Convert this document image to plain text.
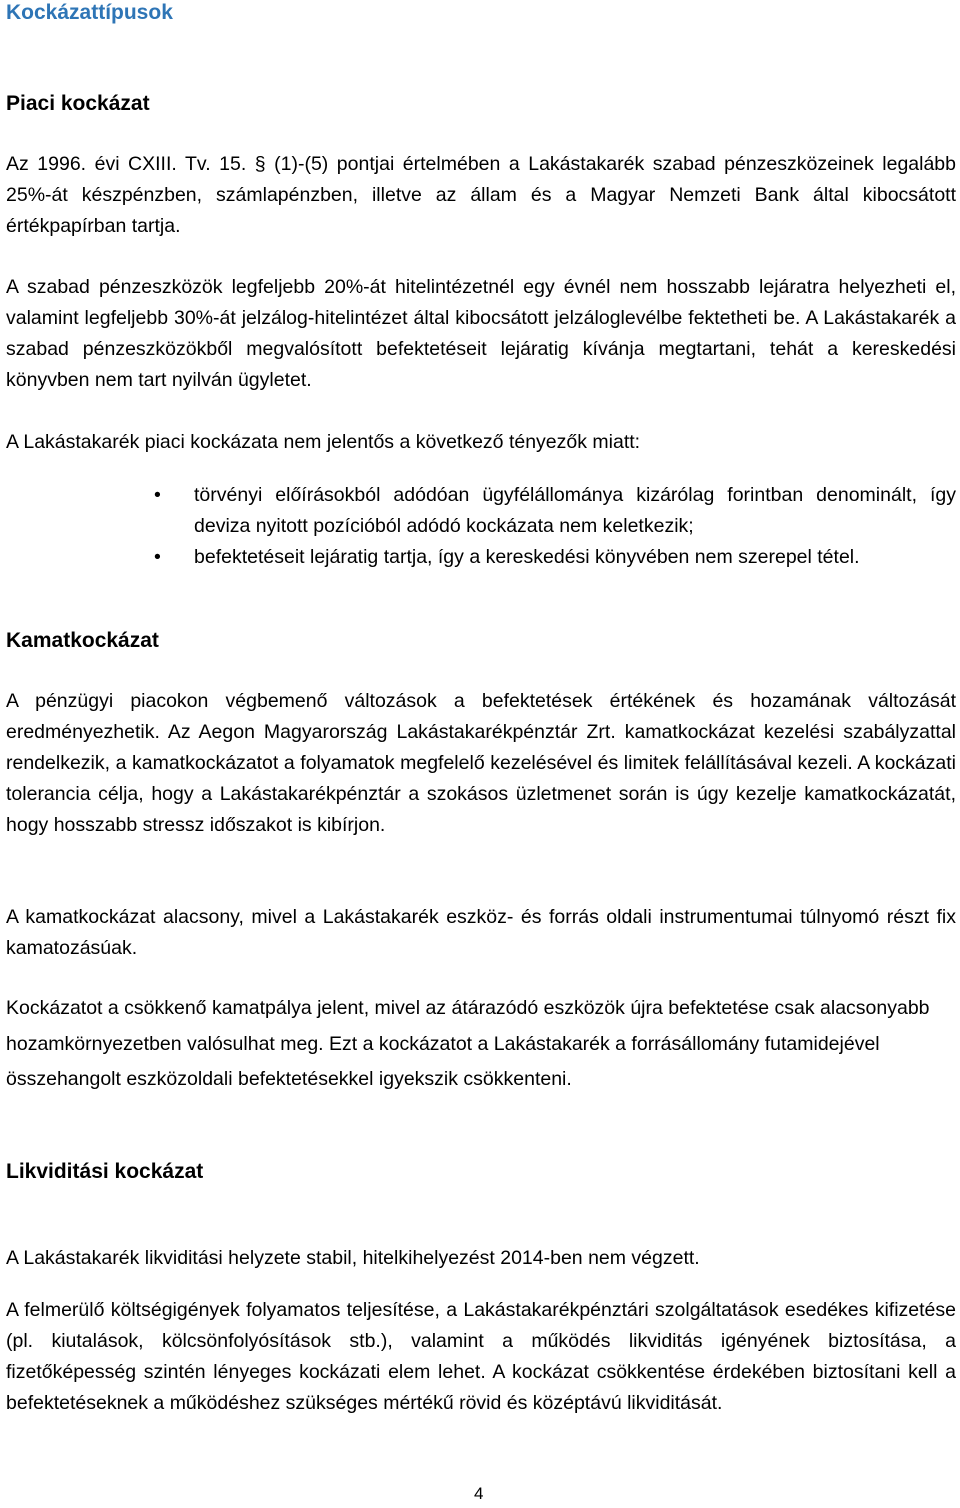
Kockázattípusok
Piaci kockázat

Az 1996. évi CXIII. Tv. 15. § (1)-(5) pontjai értelmében a Lakástakarék szabad pénzeszközeinek legalább 25%-át készpénzben, számlapénzben, illetve az állam és a Magyar Nemzeti Bank által kibocsátott értékpapírban tartja.

A szabad pénzeszközök legfeljebb 20%-át hitelintézetnél egy évnél nem hosszabb lejáratra helyezheti el, valamint legfeljebb 30%-át jelzálog-hitelintézet által kibocsátott jelzáloglevélbe fektetheti be. A Lakástakarék a szabad pénzeszközökből megvalósított befektetéseit lejáratig kívánja megtartani, tehát a kereskedési könyvben nem tart nyilván ügyletet.

A Lakástakarék piaci kockázata nem jelentős a következő tényezők miatt:

• törvényi előírásokból adódóan ügyfélállománya kizárólag forintban denominált, így deviza nyitott pozícióból adódó kockázata nem keletkezik;
• befektetéseit lejáratig tartja, így a kereskedési könyvében nem szerepel tétel.
Kamatkockázat

A pénzügyi piacokon végbemenő változások a befektetések értékének és hozamának változását eredményezhetik. Az Aegon Magyarország Lakástakarékpénztár Zrt. kamatkockázat kezelési szabályzattal rendelkezik, a kamatkockázatot a folyamatok megfelelő kezelésével és limitek felállításával kezeli. A kockázati tolerancia célja, hogy a Lakástakarékpénztár a szokásos üzletmenet során is úgy kezelje kamatkockázatát, hogy hosszabb stressz időszakot is kibírjon.

A kamatkockázat alacsony, mivel a Lakástakarék eszköz- és forrás oldali instrumentumai túlnyomó részt fix kamatozásúak.

Kockázatot a csökkenő kamatpálya jelent, mivel az átárazódó eszközök újra befektetése csak alacsonyabb hozamkörnyezetben valósulhat meg. Ezt a kockázatot a Lakástakarék a forrásállomány futamidejével összehangolt eszközoldali befektetésekkel igyekszik csökkenteni.

Likviditási kockázat

A Lakástakarék likviditási helyzete stabil, hitelkihelyezést 2014-ben nem végzett.

A felmerülő költségigények folyamatos teljesítése, a Lakástakarékpénztári szolgáltatások esedékes kifizetése (pl. kiutalások, kölcsönfolyósítások stb.), valamint a működés likviditás igényének biztosítása, a fizetőképesség szintén lényeges kockázati elem lehet. A kockázat csökkentése érdekében biztosítani kell a befektetéseknek a működéshez szükséges mértékű rövid és középtávú likviditását.

4
